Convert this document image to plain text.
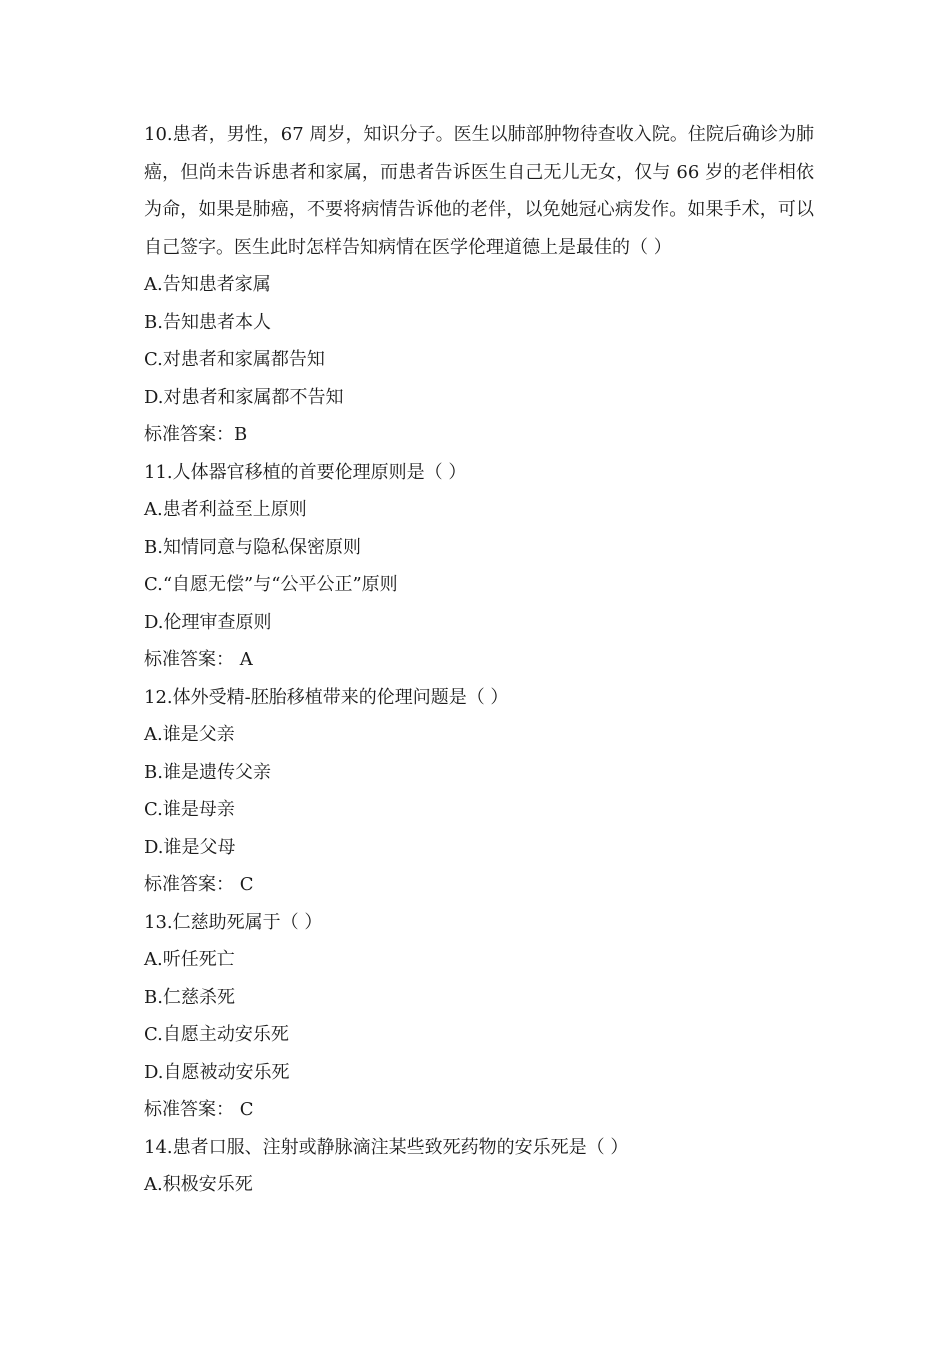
10.患者，男性，67 周岁，知识分子。医生以肺部肿物待查收入院。住院后确诊为肺癌，但尚未告诉患者和家属，而患者告诉医生自己无儿无女，仅与 66 岁的老伴相依为命，如果是肺癌，不要将病情告诉他的老伴，以免她冠心病发作。如果手术，可以自己签字。医生此时怎样告知病情在医学伦理道德上是最佳的（ ）

A.告知患者家属

B.告知患者本人

C.对患者和家属都告知

D.对患者和家属都不告知

标准答案：B

11.人体器官移植的首要伦理原则是（ ）

A.患者利益至上原则

B.知情同意与隐私保密原则

C.“自愿无偿”与“公平公正”原则

D.伦理审查原则

标准答案： A

12.体外受精-胚胎移植带来的伦理问题是（ ）

A.谁是父亲

B.谁是遗传父亲

C.谁是母亲

D.谁是父母

标准答案： C

13.仁慈助死属于（ ）

A.听任死亡

B.仁慈杀死

C.自愿主动安乐死

D.自愿被动安乐死

标准答案： C

14.患者口服、注射或静脉滴注某些致死药物的安乐死是（ ）

A.积极安乐死
